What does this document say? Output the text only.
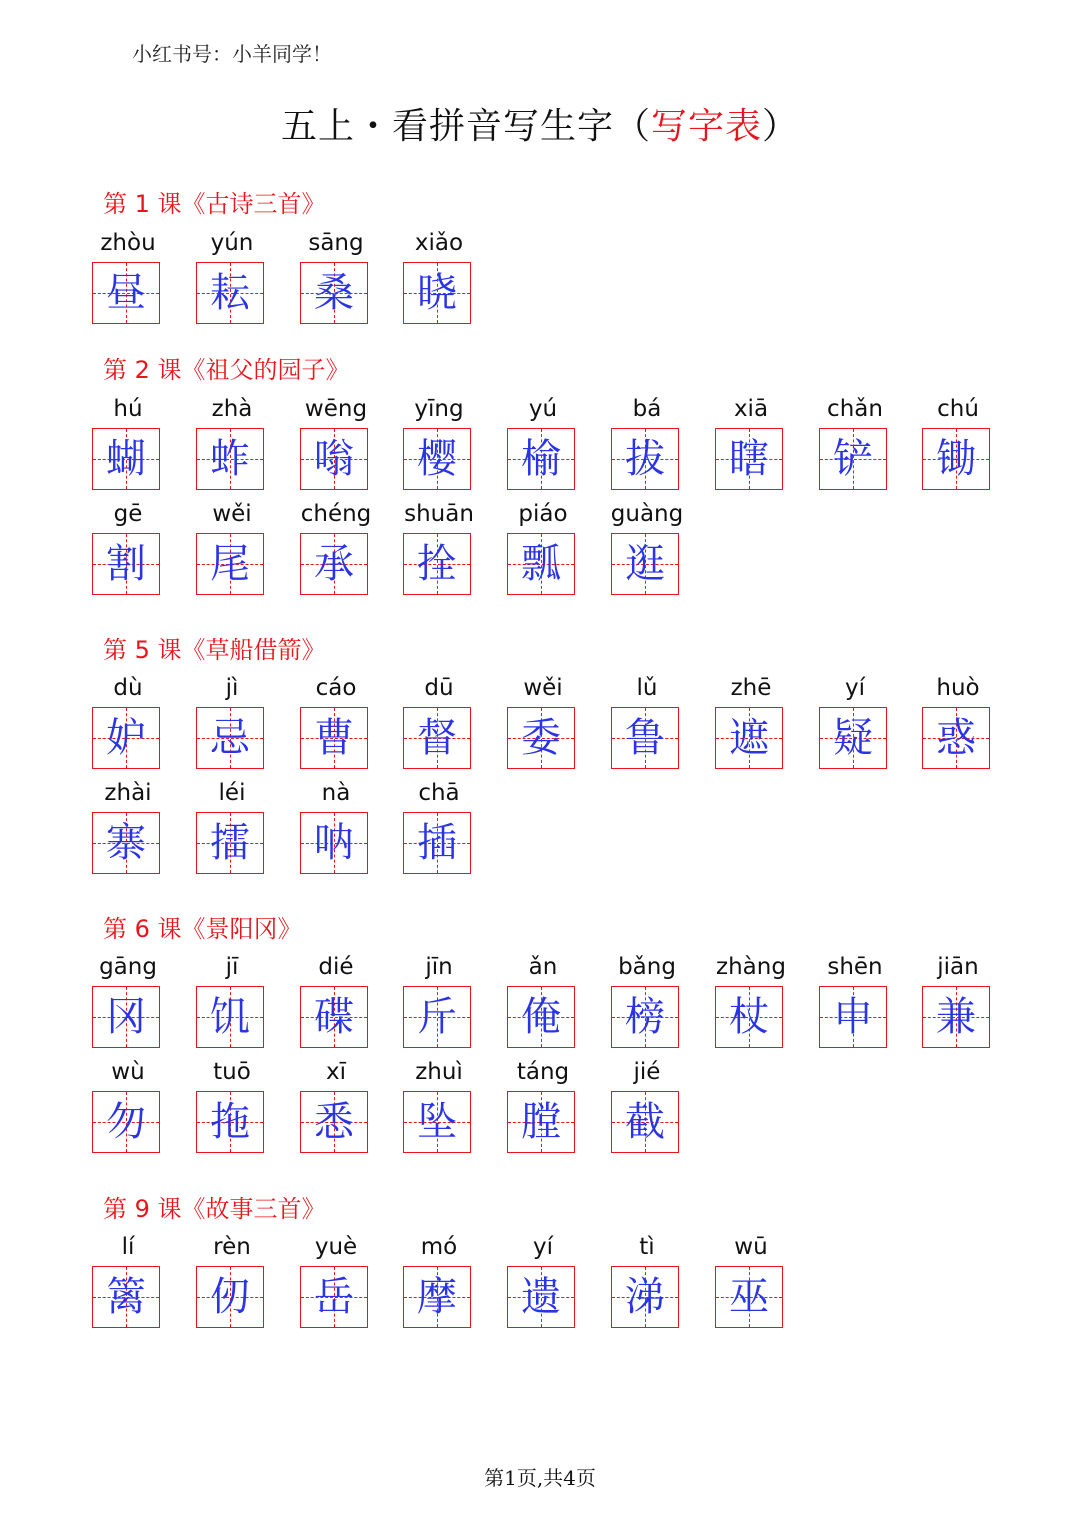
小红书号：小羊同学！
五上・看拼音写生字（写字表）
第 1 课《古诗三首》
zhòu
昼
yún
耘
sāng
桑
xiǎo
晓
第 2 课《祖父的园子》
hú
蝴
zhà
蚱
wēng
嗡
yīng
樱
yú
榆
bá
拔
xiā
瞎
chǎn
铲
chú
锄
gē
割
wěi
尾
chéng
承
shuān
拴
piáo
瓢
guàng
逛
第 5 课《草船借箭》
dù
妒
jì
忌
cáo
曹
dū
督
wěi
委
lǔ
鲁
zhē
遮
yí
疑
huò
惑
zhài
寨
léi
擂
nà
呐
chā
插
第 6 课《景阳冈》
gāng
冈
jī
饥
dié
碟
jīn
斤
ǎn
俺
bǎng
榜
zhàng
杖
shēn
申
jiān
兼
wù
勿
tuō
拖
xī
悉
zhuì
坠
táng
膛
jié
截
第 9 课《故事三首》
lí
篱
rèn
仞
yuè
岳
mó
摩
yí
遗
tì
涕
wū
巫
第1页,共4页
